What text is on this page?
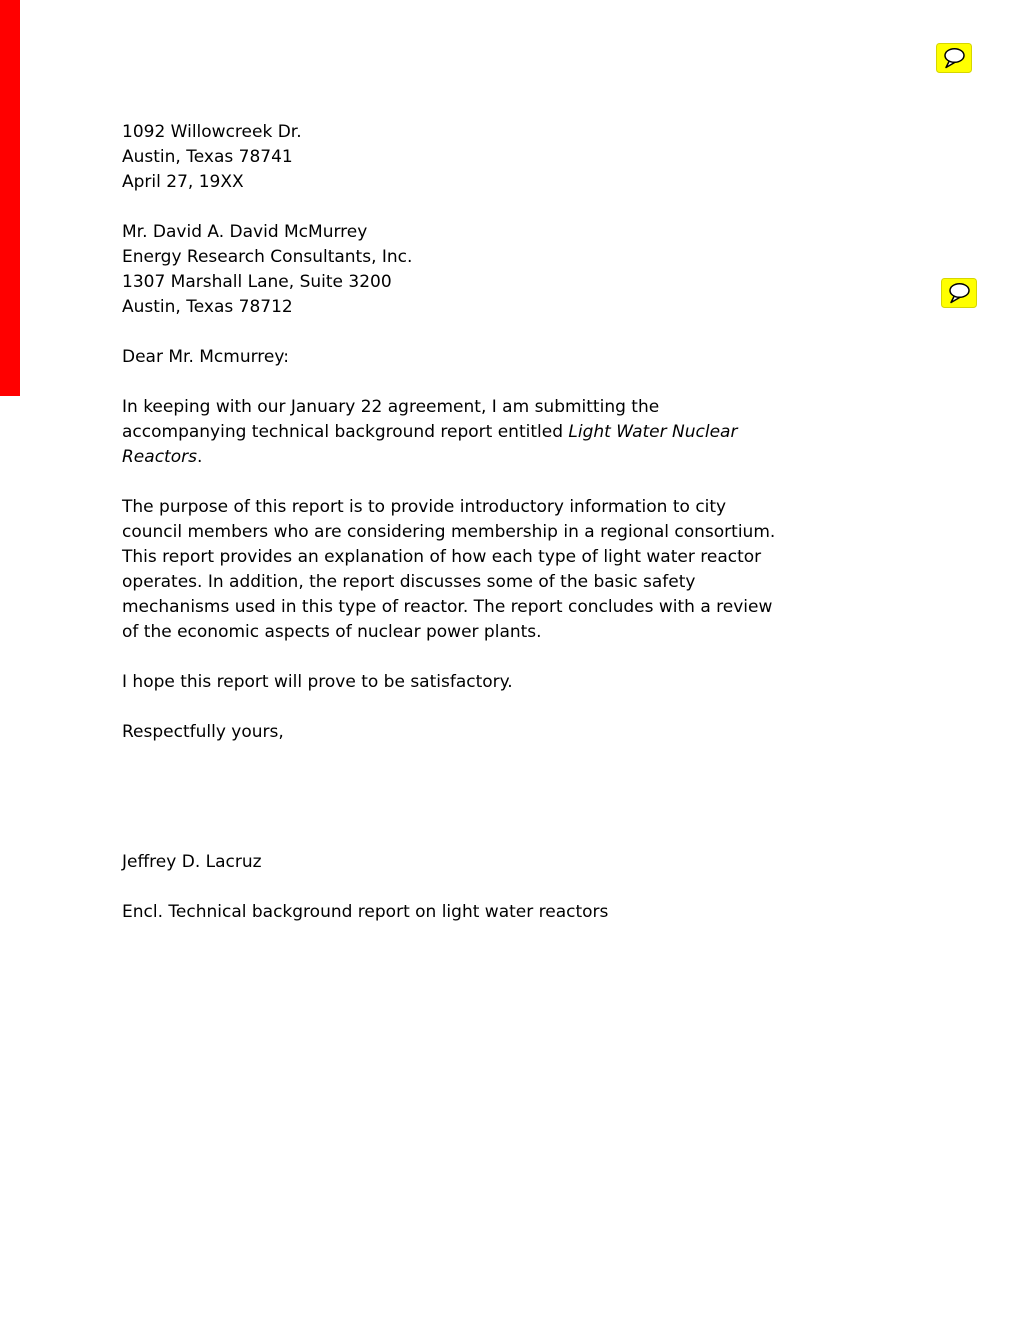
1092 Willowcreek Dr.
Austin, Texas 78741
April 27, 19XX
Mr. David A. David McMurrey
Energy Research Consultants, Inc.
1307 Marshall Lane, Suite 3200
Austin, Texas 78712
Dear Mr. Mcmurrey:
In keeping with our January 22 agreement, I am submitting the
accompanying technical background report entitled Light Water Nuclear
Reactors.
The purpose of this report is to provide introductory information to city
council members who are considering membership in a regional consortium.
This report provides an explanation of how each type of light water reactor
operates. In addition, the report discusses some of the basic safety
mechanisms used in this type of reactor. The report concludes with a review
of the economic aspects of nuclear power plants.
I hope this report will prove to be satisfactory.
Respectfully yours,
Jeffrey D. Lacruz
Encl. Technical background report on light water reactors
